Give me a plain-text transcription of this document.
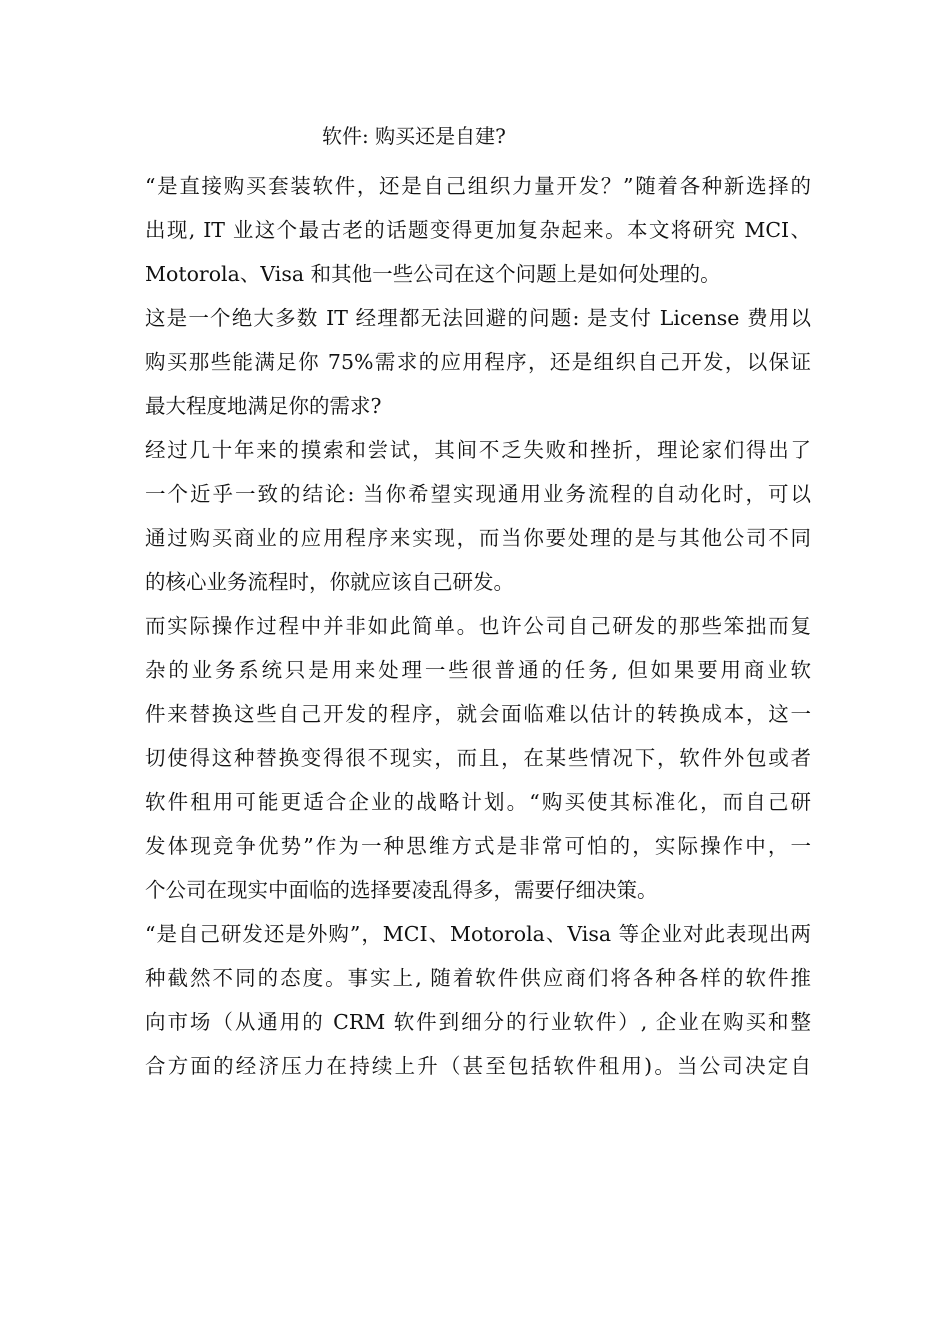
软件: 购买还是自建?
“是直接购买套装软件，还是自己组织力量开发？”随着各种新选择的
出现, IT 业这个最古老的话题变得更加复杂起来。本文将研究 MCI、
Motorola、Visa 和其他一些公司在这个问题上是如何处理的。
这是一个绝大多数 IT 经理都无法回避的问题: 是支付 License 费用以
购买那些能满足你 75%需求的应用程序，还是组织自己开发，以保证
最大程度地满足你的需求?
经过几十年来的摸索和尝试，其间不乏失败和挫折，理论家们得出了
一个近乎一致的结论: 当你希望实现通用业务流程的自动化时，可以
通过购买商业的应用程序来实现，而当你要处理的是与其他公司不同
的核心业务流程时，你就应该自己研发。
而实际操作过程中并非如此简单。也许公司自己研发的那些笨拙而复
杂的业务系统只是用来处理一些很普通的任务, 但如果要用商业软
件来替换这些自己开发的程序，就会面临难以估计的转换成本，这一
切使得这种替换变得很不现实，而且，在某些情况下，软件外包或者
软件租用可能更适合企业的战略计划。“购买使其标准化，而自己研
发体现竞争优势”作为一种思维方式是非常可怕的，实际操作中，一
个公司在现实中面临的选择要凌乱得多，需要仔细决策。
“是自己研发还是外购”，MCI、Motorola、Visa 等企业对此表现出两
种截然不同的态度。事实上, 随着软件供应商们将各种各样的软件推
向市场（从通用的 CRM 软件到细分的行业软件）, 企业在购买和整
合方面的经济压力在持续上升（甚至包括软件租用)。当公司决定自
